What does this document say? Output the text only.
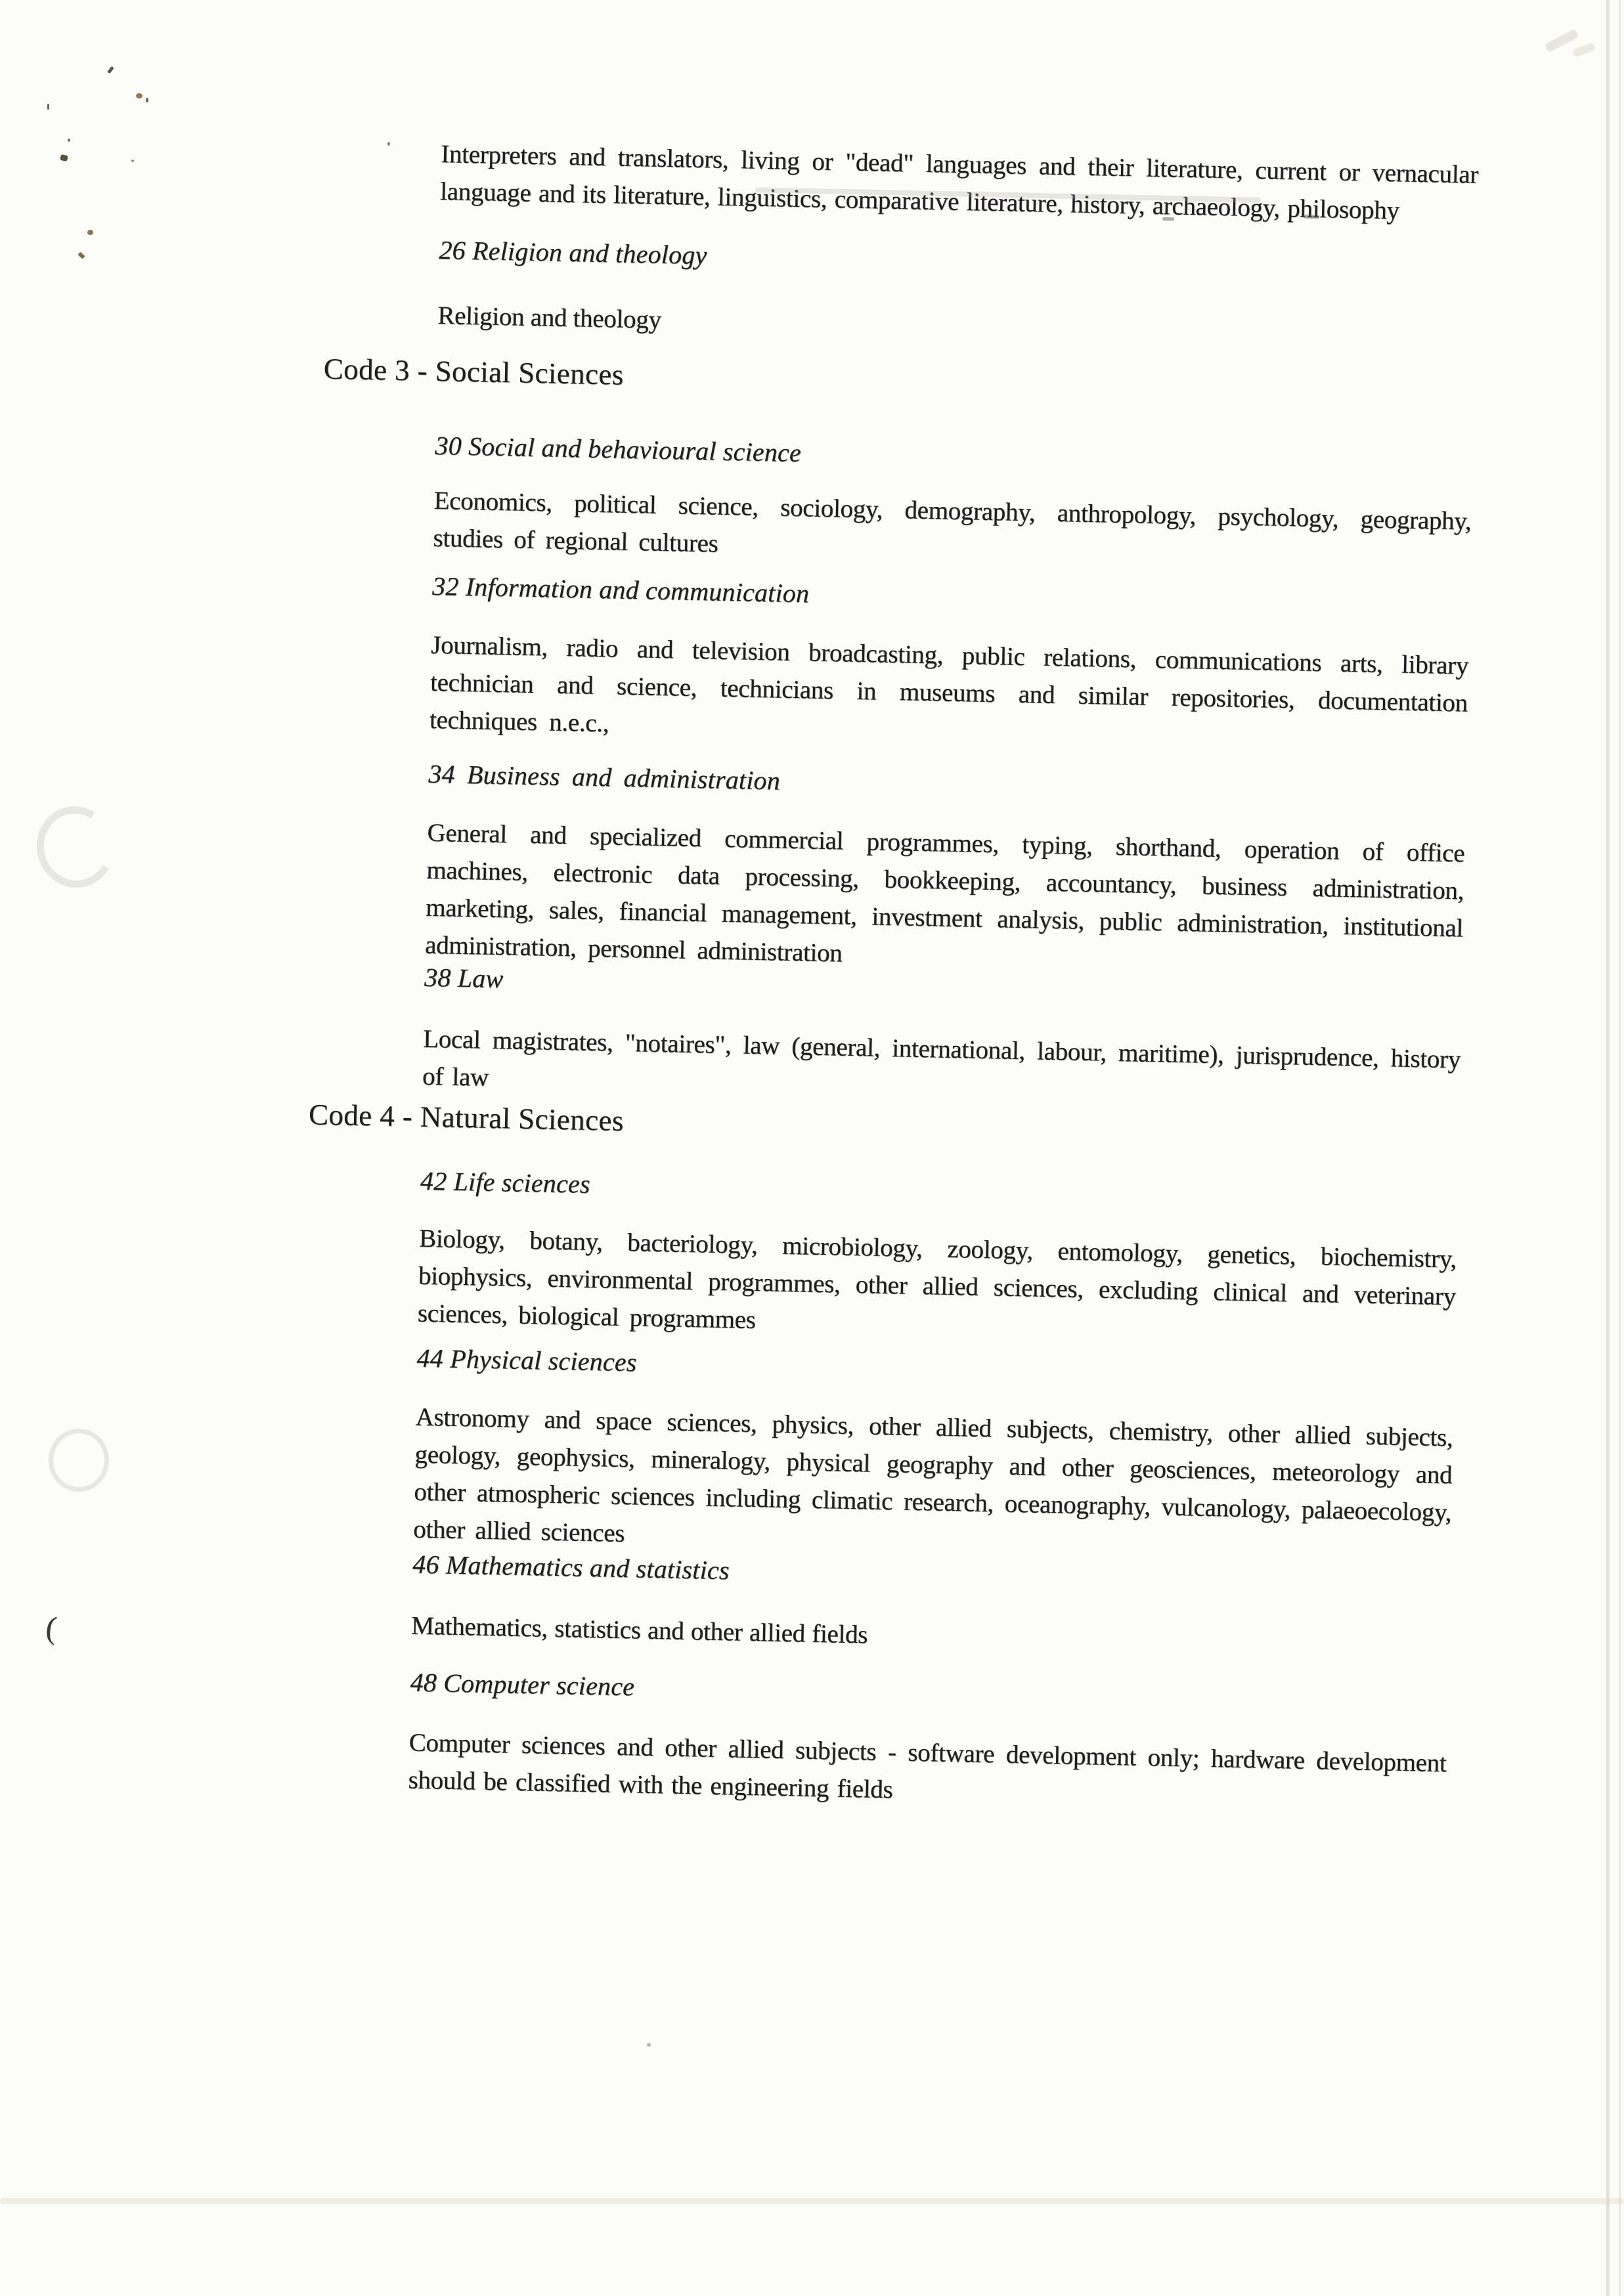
Interpreters and translators, living or "dead" languages and their literature, current or vernacular language and its literature, linguistics, comparative literature, history, archaeology, philosophy
26 Religion and theology
Religion and theology
Code 3 - Social Sciences
30 Social and behavioural science
Economics, political science, sociology, demography, anthropology, psychology, geography, studies of regional cultures
32 Information and communication
Journalism, radio and television broadcasting, public relations, communications arts, library technician and science, technicians in museums and similar repositories, documentation techniques n.e.c.,
34 Business and administration
General and specialized commercial programmes, typing, shorthand, operation of office machines, electronic data processing, bookkeeping, accountancy, business administration, marketing, sales, financial management, investment analysis, public administration, institutional administration, personnel administration
38 Law
Local magistrates, "notaires", law (general, international, labour, maritime), jurisprudence, history of law
Code 4 - Natural Sciences
42 Life sciences
Biology, botany, bacteriology, microbiology, zoology, entomology, genetics, biochemistry, biophysics, environmental programmes, other allied sciences, excluding clinical and veterinary sciences, biological programmes
44 Physical sciences
Astronomy and space sciences, physics, other allied subjects, chemistry, other allied subjects, geology, geophysics, mineralogy, physical geography and other geosciences, meteorology and other atmospheric sciences including climatic research, oceanography, vulcanology, palaeoecology, other allied sciences
46 Mathematics and statistics
Mathematics, statistics and other allied fields
48 Computer science
Computer sciences and other allied subjects - software development only; hardware development should be classified with the engineering fields
(
